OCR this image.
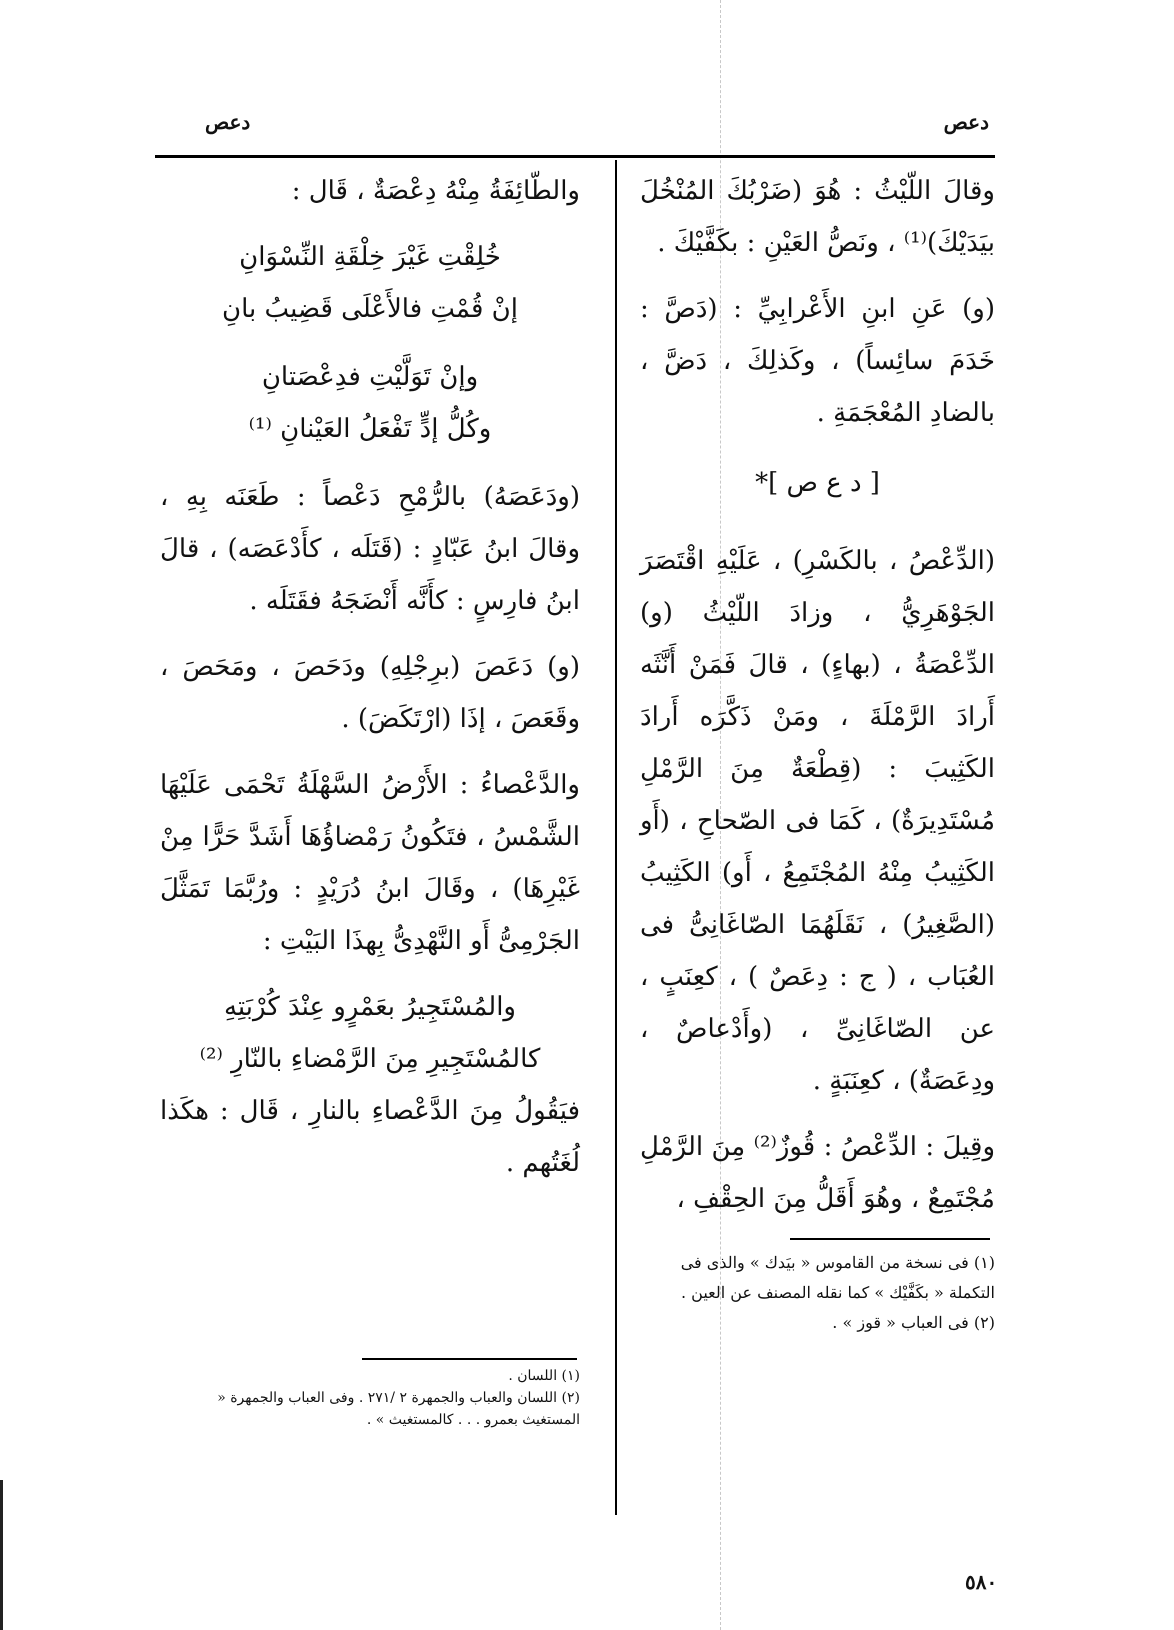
دعص
دعص

وقالَ اللّيْثُ : هُوَ (ضَرْبُكَ المُنْخُلَ بيَدَيْكَ)⁽¹⁾ ، ونَصُّ العَيْنِ : بكَفَّيْكَ .

(و) عَنِ ابنِ الأَعْرابِيِّ : (دَصَّ : خَدَمَ سائِساً) ، وكَذلِكَ ، دَضَّ ، بالضادِ المُعْجَمَةِ .

[ د ع ص ]*

(الدِّعْصُ ، بالكَسْرِ) ، عَلَيْهِ اقْتَصَرَ الجَوْهَرِيُّ ، وزادَ اللّيْثُ (و) الدِّعْصَةُ ، (بهاءٍ) ، قالَ فَمَنْ أَنَّثَه أَرادَ الرَّمْلَةَ ، ومَنْ ذَكَّرَه أَرادَ الكَثِيبَ : (قِطْعَةٌ مِنَ الرَّمْلِ مُسْتَدِيرَةٌ) ، كَمَا فى الصّحاحِ ، (أَو الكَثِيبُ مِنْهُ المُجْتَمِعُ ، أَو) الكَثِيبُ (الصَّغِيرُ) ، نَقَلَهُمَا الصّاغَانِىُّ فى العُبَاب ، ( ج : دِعَصٌ ) ، كعِنَبٍ ، عن الصّاغَانِىِّ ، (وأَدْعاصٌ ، ودِعَصَةٌ) ، كعِنَبَةٍ .

وقِيلَ : الدِّعْصُ : قُوزٌ⁽²⁾ مِنَ الرَّمْلِ مُجْتَمِعٌ ، وهُوَ أَقَلُّ مِنَ الحِقْفِ ،

(١) فى نسخة من القاموس « بيَدك » والذى فى التكملة « بكَفَّيْك » كما نقله المصنف عن العين .

(٢) فى العباب « قوز » .

والطّائِفَةُ مِنْهُ دِعْصَةٌ ، قَال :

خُلِقْتِ غَيْرَ خِلْقَةِ النِّسْوَانِ

إنْ قُمْتِ فالأَعْلَى قَضِيبُ بانِ

وإنْ تَوَلَّيْتِ فدِعْصَتانِ

وكُلُّ إدٍّ تَفْعَلُ العَيْنانِ ⁽¹⁾

(ودَعَصَهُ) بالرُّمْحِ دَعْصاً : طَعَنَه بِهِ ، وقالَ ابنُ عَبّادٍ : (قَتَلَه ، كأَدْعَصَه) ، قالَ ابنُ فارِسٍ : كأَنَّه أَنْضَجَهُ فقَتَلَه .

(و) دَعَصَ (برِجْلِهِ) ودَحَصَ ، ومَحَصَ ، وقَعَصَ ، إذَا (ارْتَكَضَ) .

والدَّعْصاءُ : الأَرْضُ السَّهْلَةُ تَحْمَى عَلَيْهَا الشَّمْسُ ، فتَكُونُ رَمْضاؤُهَا أَشَدَّ حَرًّا مِنْ غَيْرِهَا) ، وقَالَ ابنُ دُرَيْدٍ : ورُبَّمَا تَمَثَّلَ الجَرْمِىُّ أَو النَّهْدِىُّ بِهذَا البَيْتِ :

والمُسْتَجِيرُ بعَمْرٍو عِنْدَ كُرْبَتِهِ

كالمُسْتَجِيرِ مِنَ الرَّمْضاءِ بالنّارِ ⁽²⁾

فيَقُولُ مِنَ الدَّعْصاءِ بالنارِ ، قَال : هكَذا لُغَتُهم .

(١) اللسان .

(٢) اللسان والعباب والجمهرة ٢ /٢٧١ . وفى العباب والجمهرة « المستغيث بعمرو . . . كالمستغيث » .

٥٨٠
